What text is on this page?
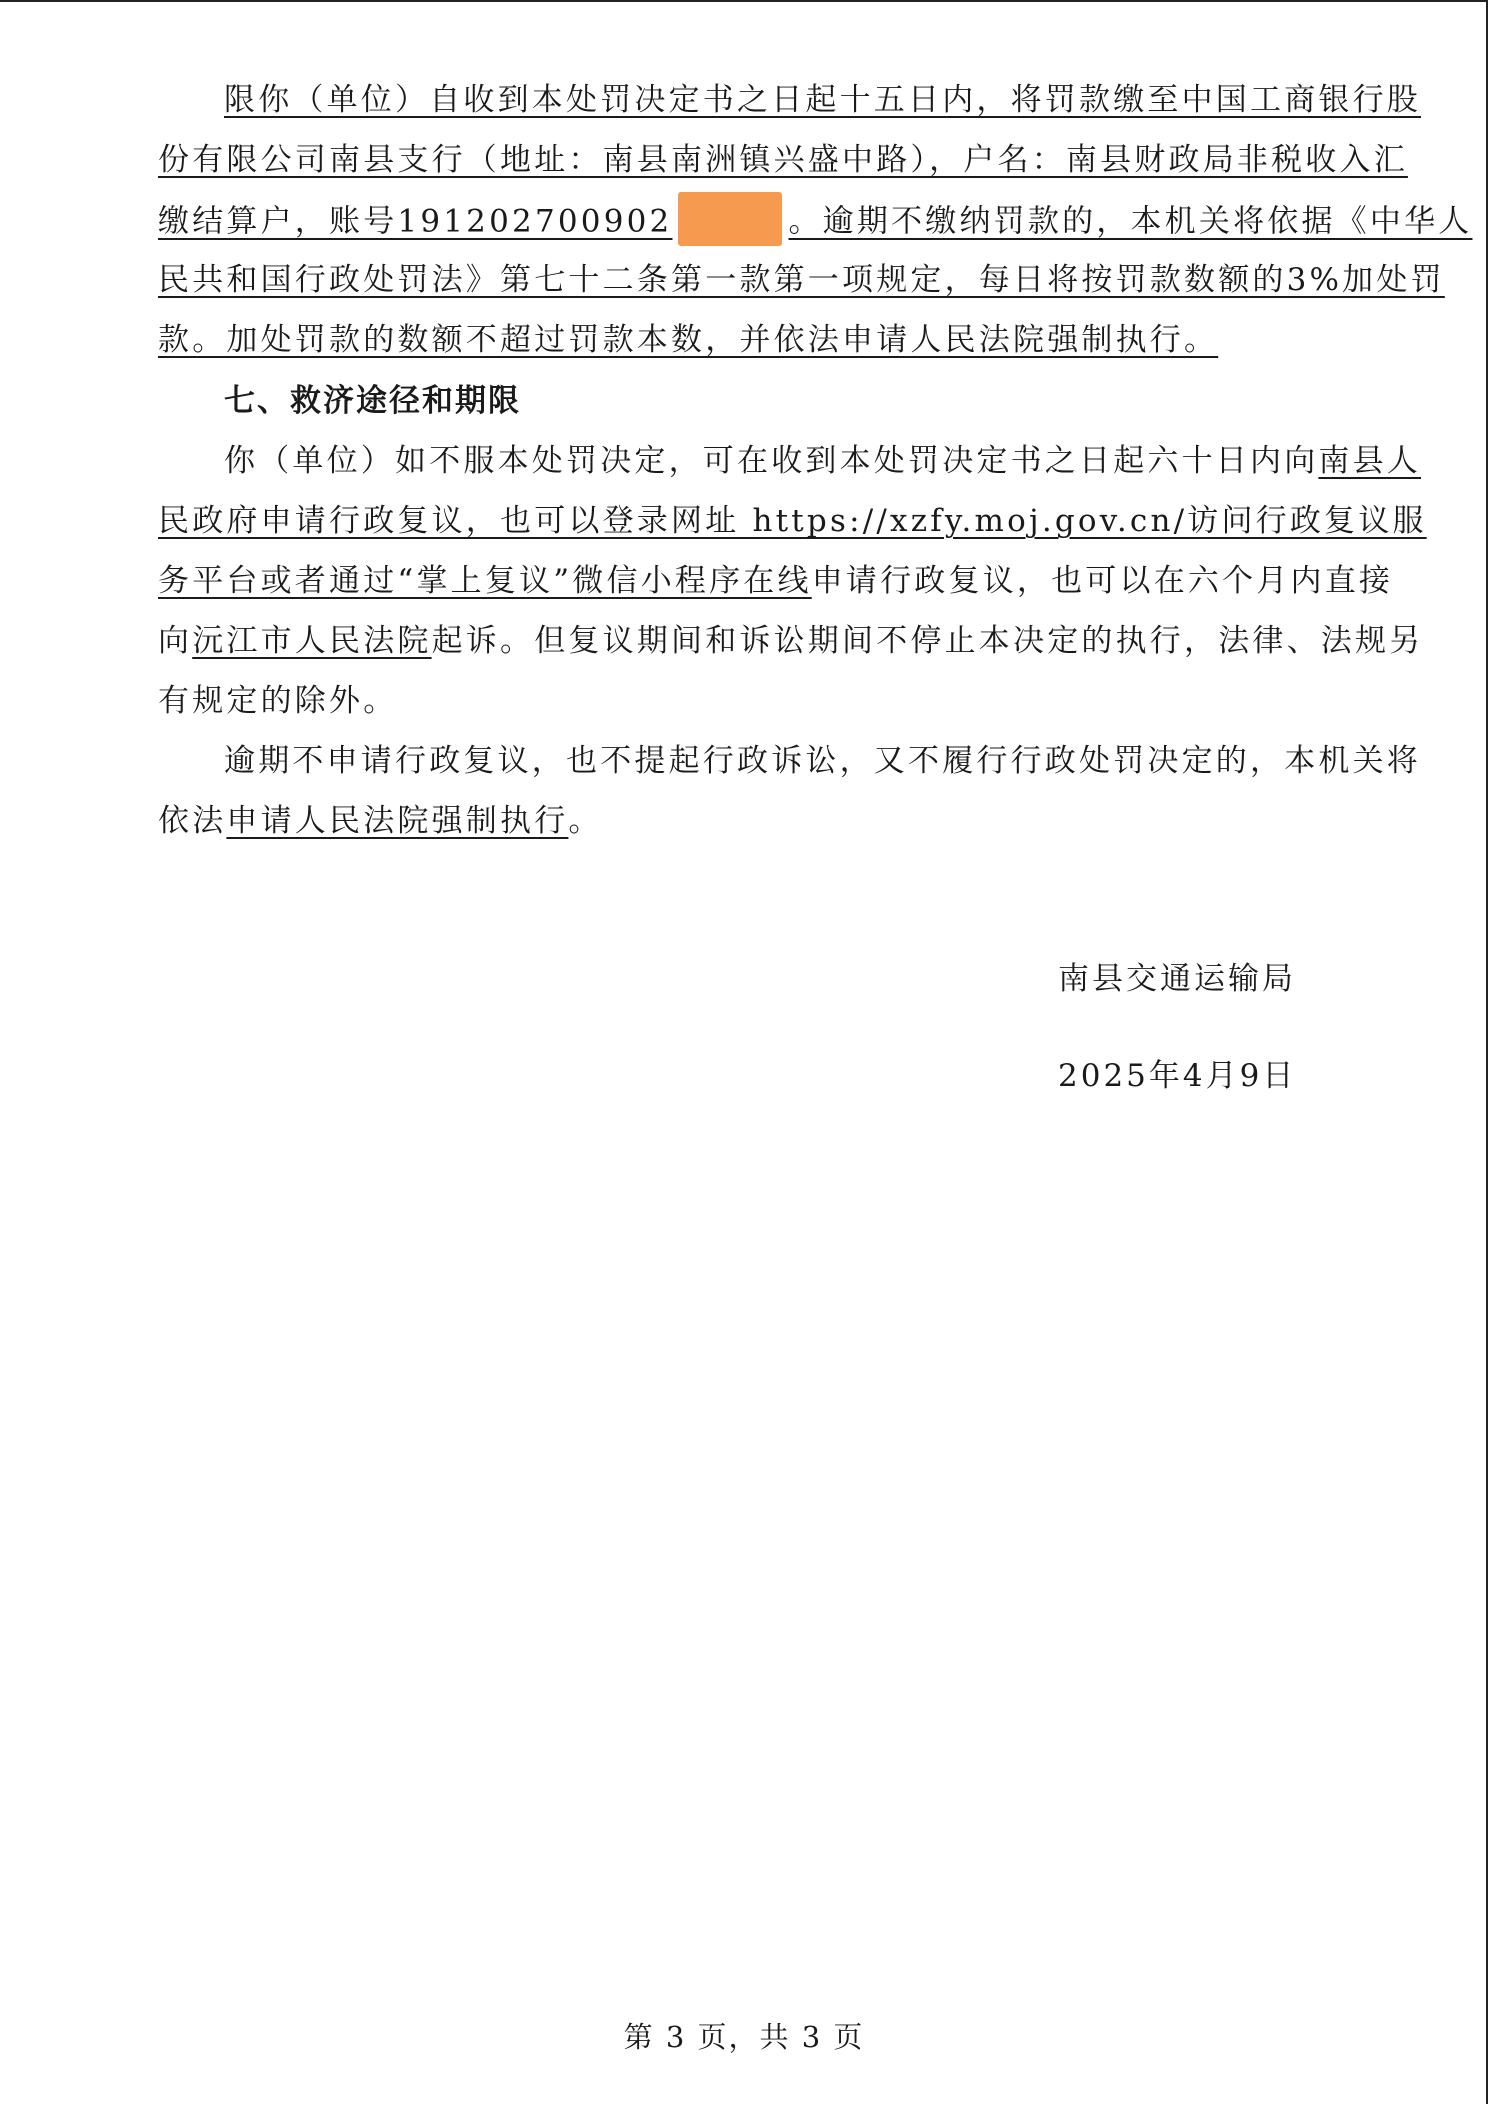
限你（单位）自收到本处罚决定书之日起十五日内，将罚款缴至中国工商银行股
份有限公司南县支行（地址：南县南洲镇兴盛中路），户名：南县财政局非税收入汇
缴结算户，账号191202700902	。逾期不缴纳罚款的，本机关将依据《中华人
民共和国行政处罚法》第七十二条第一款第一项规定，每日将按罚款数额的3%加处罚
款。加处罚款的数额不超过罚款本数，并依法申请人民法院强制执行。
七、救济途径和期限
你（单位）如不服本处罚决定，可在收到本处罚决定书之日起六十日内向南县人
民政府申请行政复议，也可以登录网址 https://xzfy.moj.gov.cn/访问行政复议服
务平台或者通过“掌上复议”微信小程序在线申请行政复议，也可以在六个月内直接
向沅江市人民法院起诉。但复议期间和诉讼期间不停止本决定的执行，法律、法规另
有规定的除外。
逾期不申请行政复议，也不提起行政诉讼，又不履行行政处罚决定的，本机关将
依法申请人民法院强制执行。
南县交通运输局
2025年4月9日
第 3 页，共 3 页
